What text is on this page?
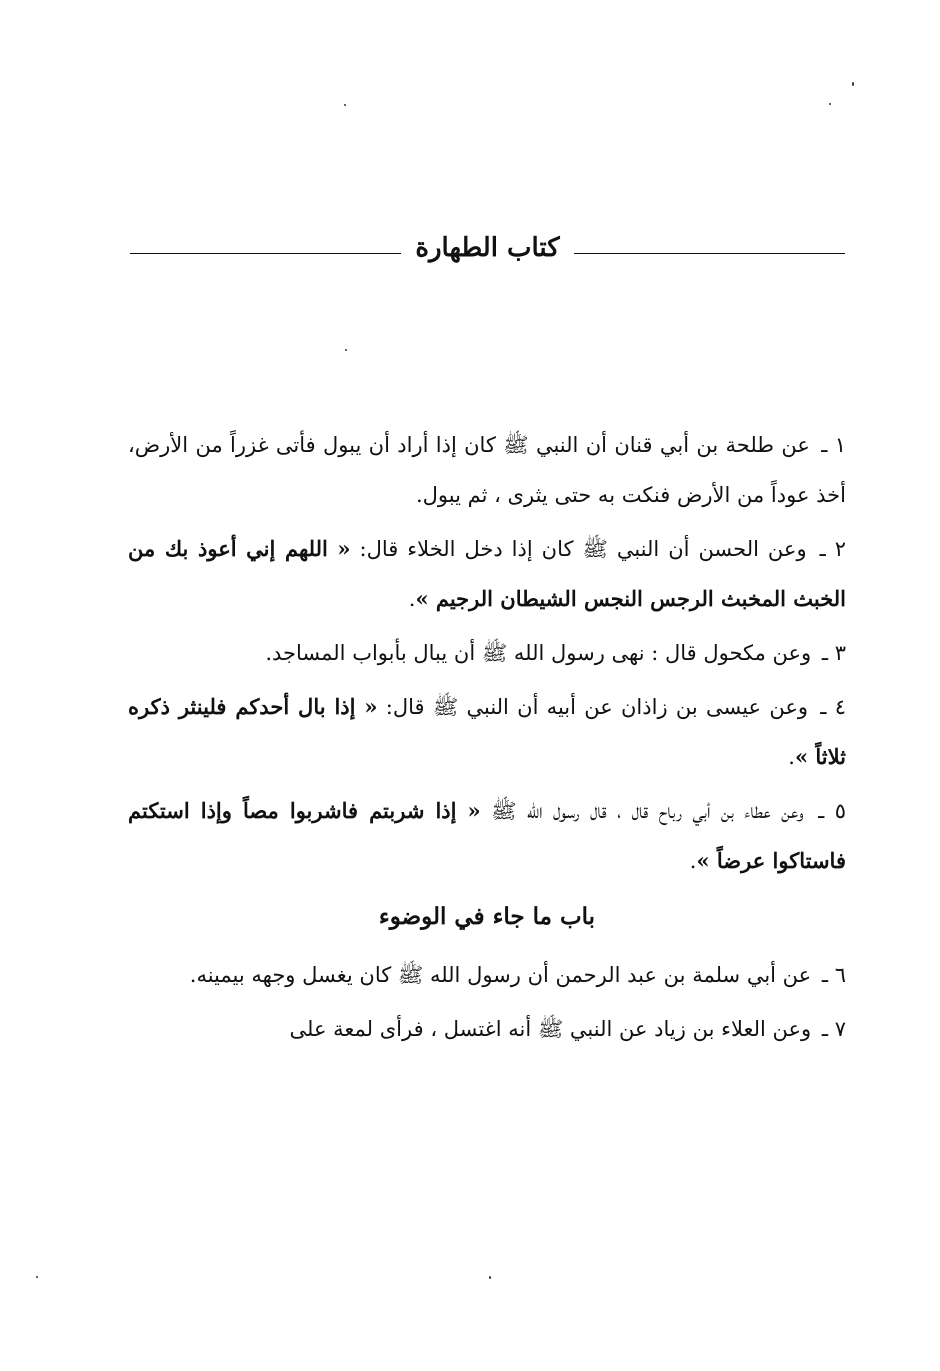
كتاب الطهارة

١ ـ عن طلحة بن أبي قنان أن النبي ﷺ كان إذا أراد أن يبول فأتى غزراً من الأرض، أخذ عوداً من الأرض فنكت به حتى يثرى ، ثم يبول.

٢ ـ وعن الحسن أن النبي ﷺ كان إذا دخل الخلاء قال: « اللهم إني أعوذ بك من الخبث المخبث الرجس النجس الشيطان الرجيم ».

٣ ـ وعن مكحول قال : نهى رسول الله ﷺ أن يبال بأبواب المساجد.

٤ ـ وعن عيسى بن زاذان عن أبيه أن النبي ﷺ قال: « إذا بال أحدكم فلينثر ذكره ثلاثاً ».

٥ ـ وعن عطاء بن أبي رباح قال ، قال رسول الله ﷺ « إذا شربتم فاشربوا مصاً وإذا استكتم فاستاكوا عرضاً ».

باب ما جاء في الوضوء

٦ ـ عن أبي سلمة بن عبد الرحمن أن رسول الله ﷺ كان يغسل وجهه بيمينه.

٧ ـ وعن العلاء بن زياد عن النبي ﷺ أنه اغتسل ، فرأى لمعة على
